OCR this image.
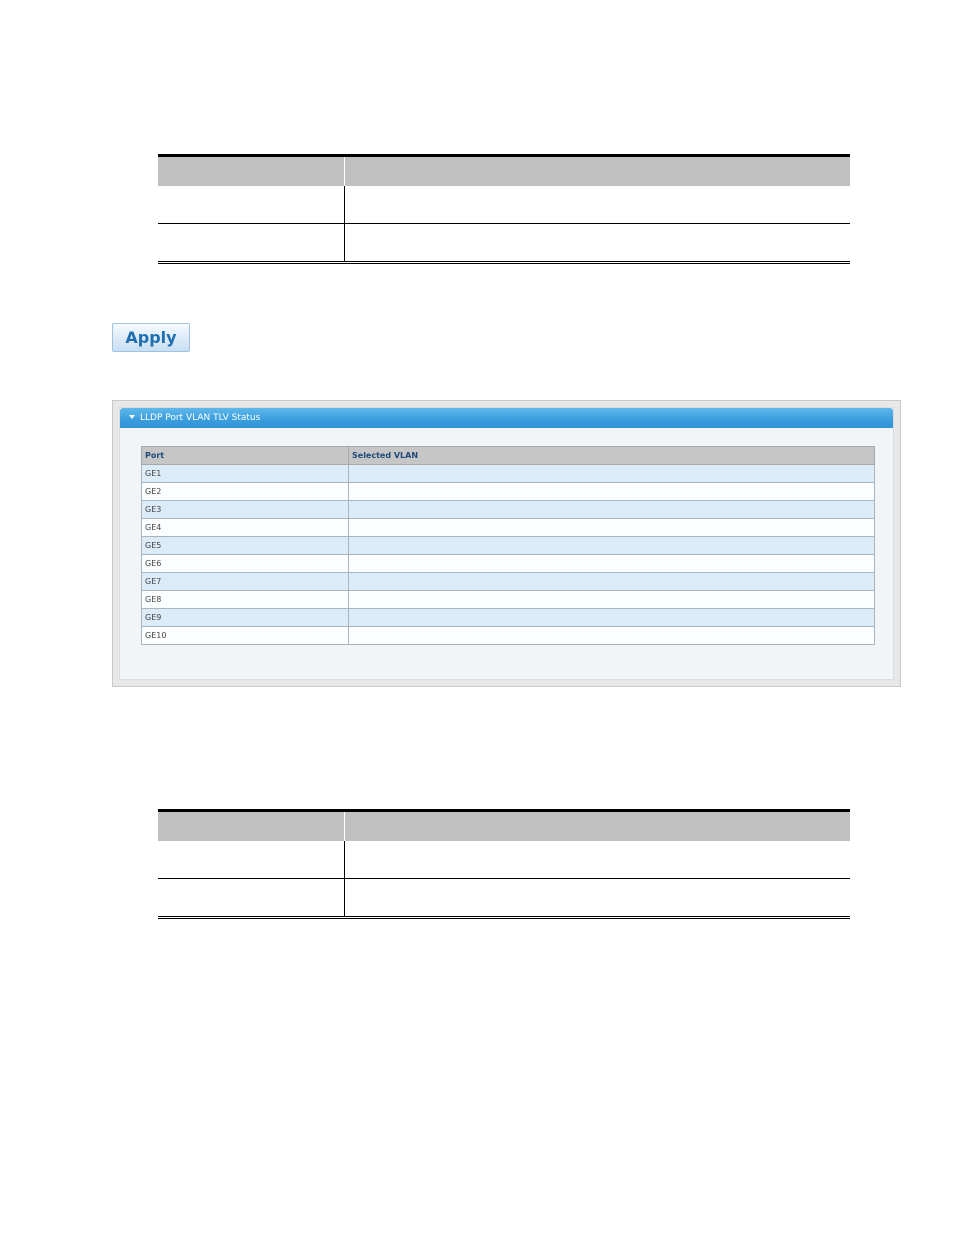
Apply
LLDP Port VLAN TLV Status
Port	Selected VLAN
GE1	
GE2	
GE3	
GE4	
GE5	
GE6	
GE7	
GE8	
GE9	
GE10	
